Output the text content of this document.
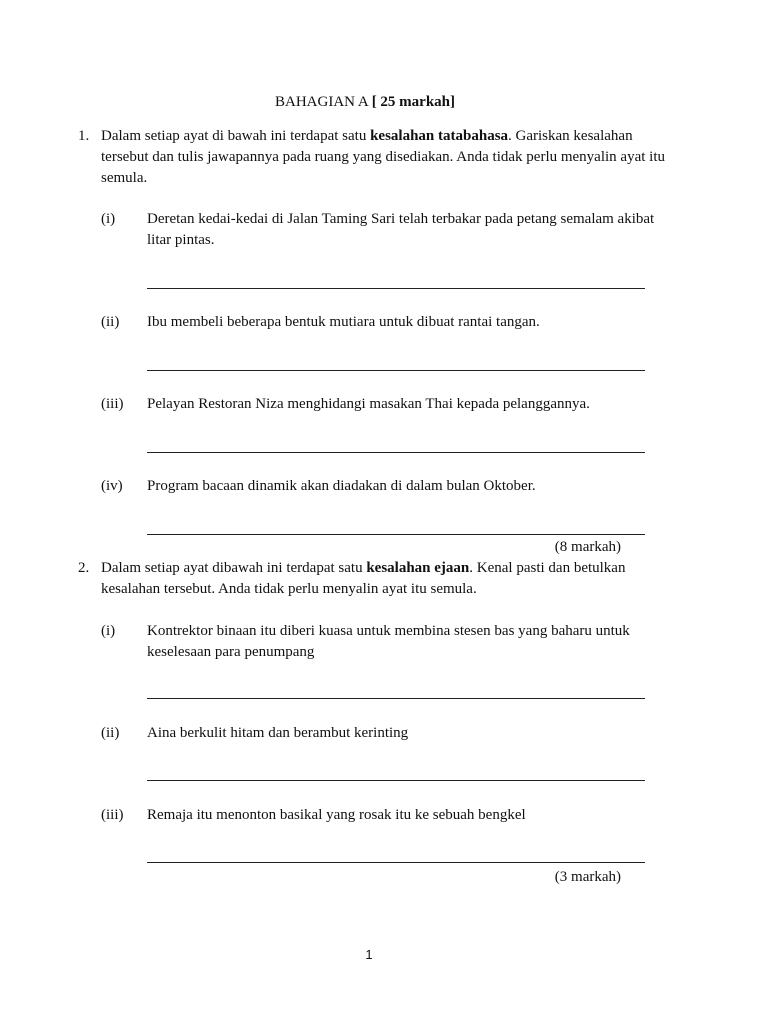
BAHAGIAN A [ 25 markah]
1. Dalam setiap ayat di bawah ini terdapat satu kesalahan tatabahasa. Gariskan kesalahan tersebut dan tulis jawapannya pada ruang yang disediakan. Anda tidak perlu menyalin ayat itu semula.
(i) Deretan kedai-kedai di Jalan Taming Sari telah terbakar pada petang semalam akibat litar pintas.
(ii) Ibu membeli beberapa bentuk mutiara untuk dibuat rantai tangan.
(iii) Pelayan Restoran Niza menghidangi masakan Thai kepada pelanggannya.
(iv) Program bacaan dinamik akan diadakan di dalam bulan Oktober.
(8 markah)
2. Dalam setiap ayat dibawah ini terdapat satu kesalahan ejaan. Kenal pasti dan betulkan kesalahan tersebut. Anda tidak perlu menyalin ayat itu semula.
(i) Kontrektor binaan itu diberi kuasa untuk membina stesen bas yang baharu untuk keselesaan para penumpang
(ii) Aina berkulit hitam dan berambut kerinting
(iii) Remaja itu menonton basikal yang rosak itu ke sebuah bengkel
(3 markah)
1
